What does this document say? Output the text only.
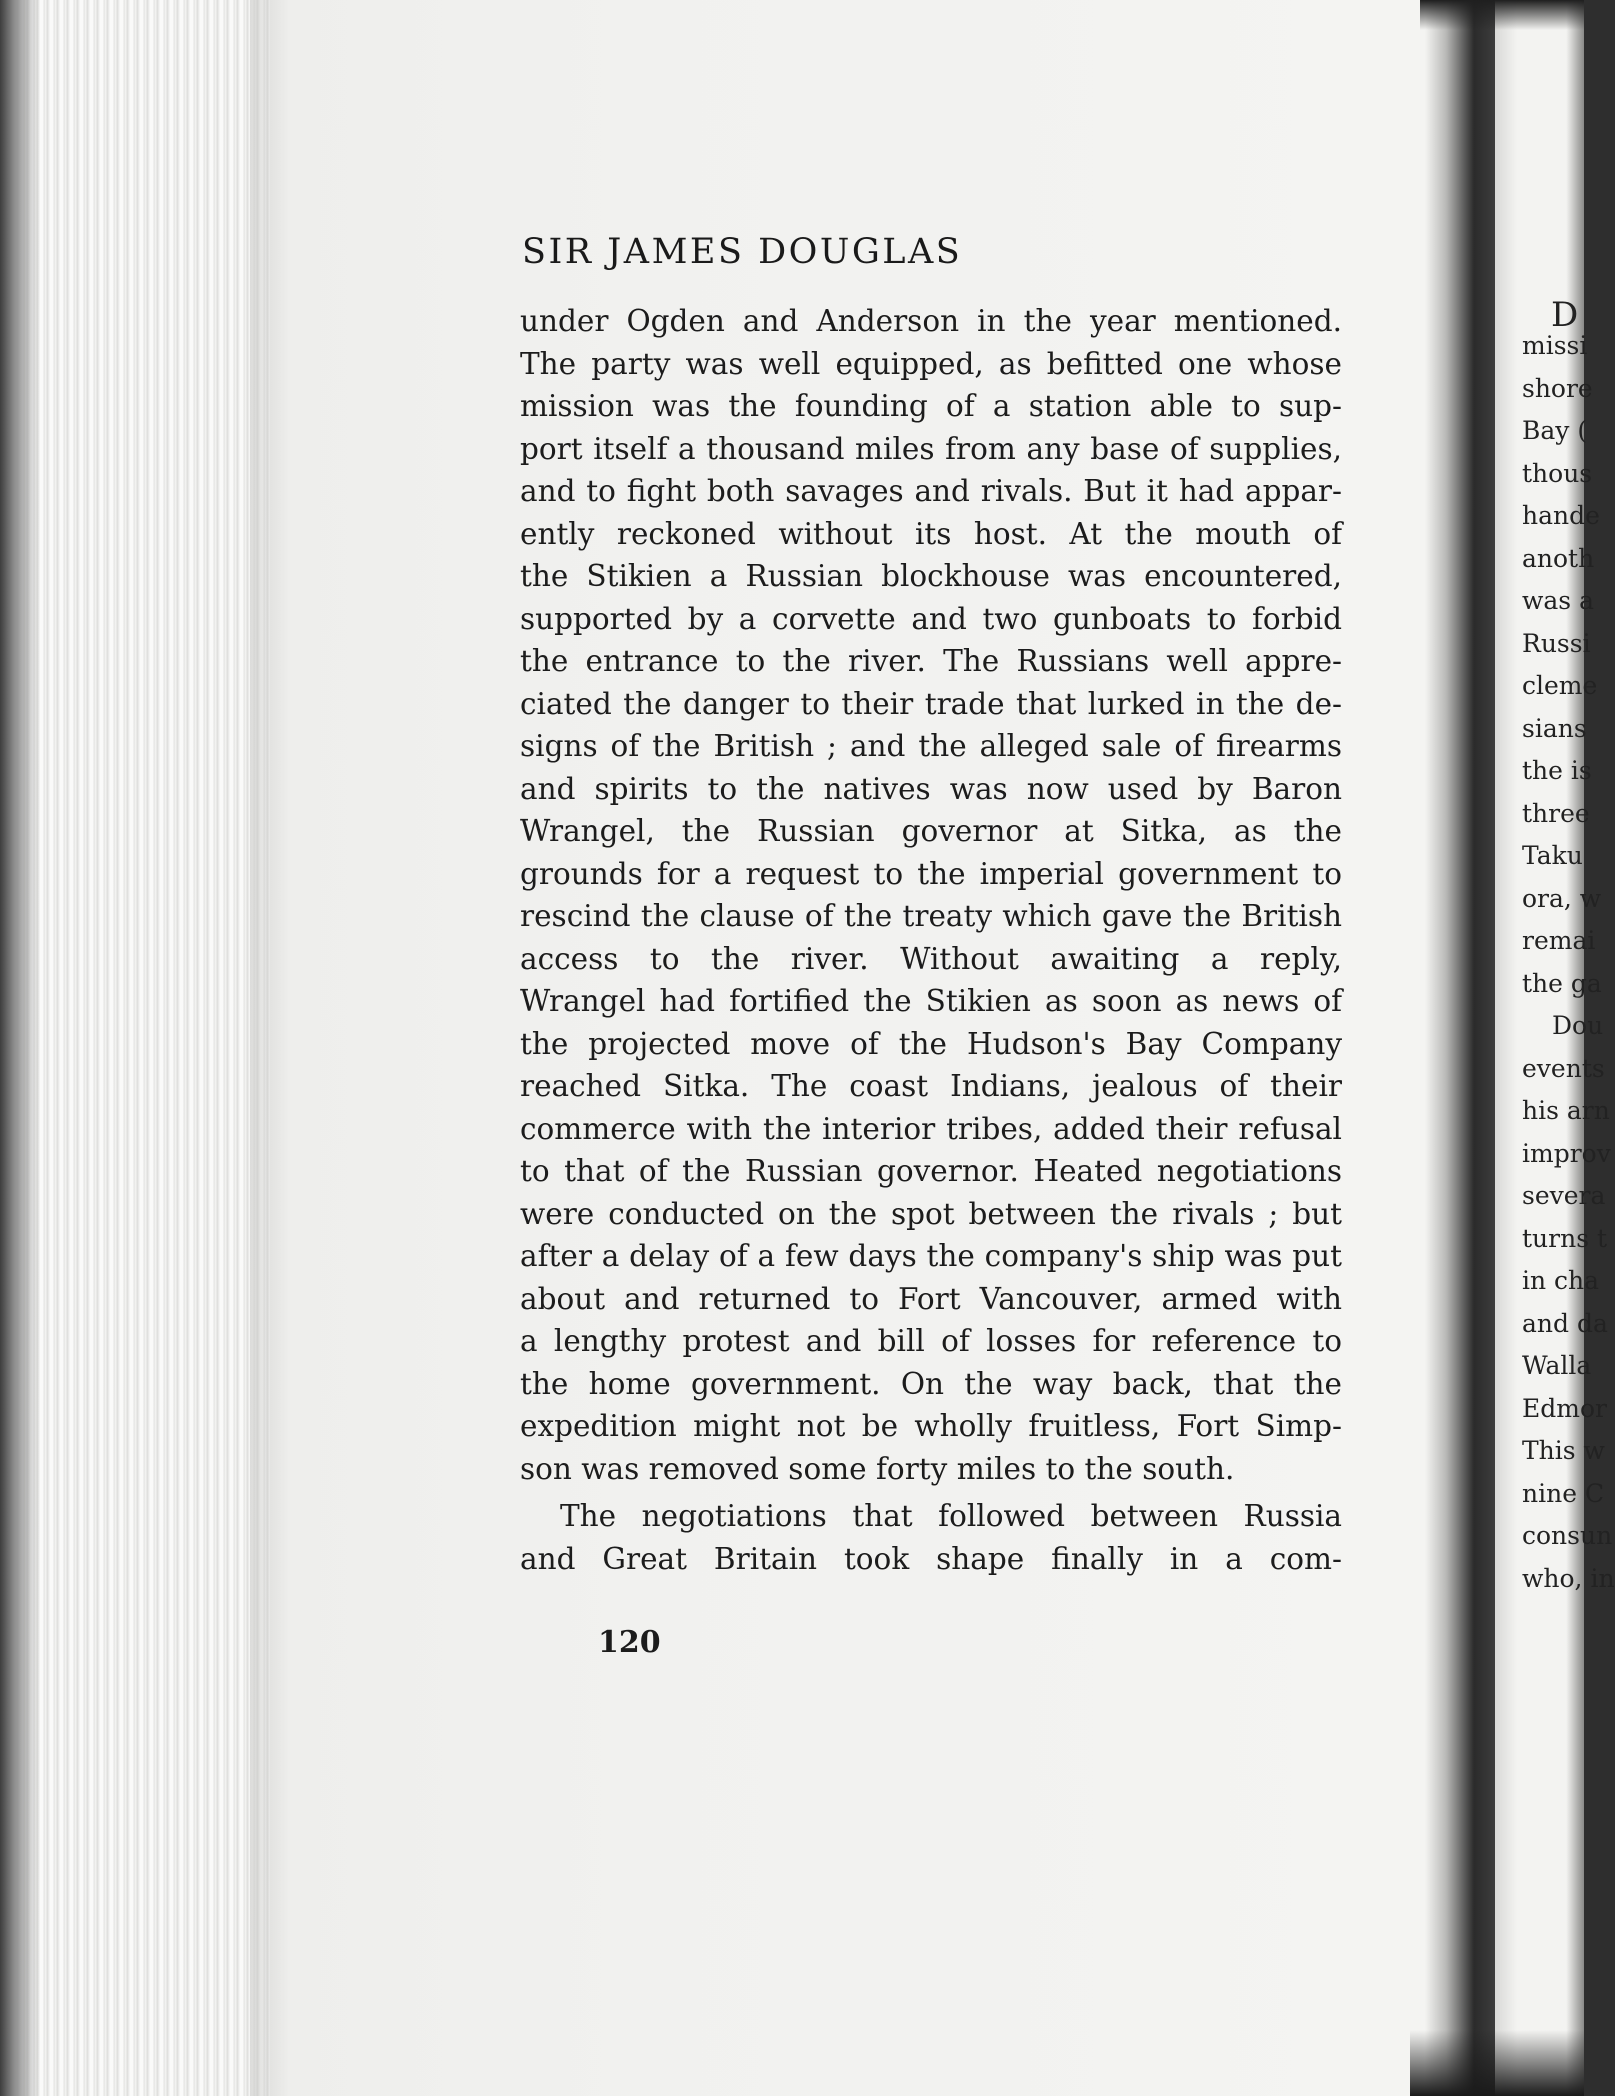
SIR JAMES DOUGLAS
under Ogden and Anderson in the year mentioned.
The party was well equipped, as befitted one whose
mission was the founding of a station able to sup-
port itself a thousand miles from any base of supplies,
and to fight both savages and rivals. But it had appar-
ently reckoned without its host. At the mouth of
the Stikien a Russian blockhouse was encountered,
supported by a corvette and two gunboats to forbid
the entrance to the river. The Russians well appre-
ciated the danger to their trade that lurked in the de-
signs of the British ; and the alleged sale of firearms
and spirits to the natives was now used by Baron
Wrangel, the Russian governor at Sitka, as the
grounds for a request to the imperial government to
rescind the clause of the treaty which gave the British
access to the river. Without awaiting a reply,
Wrangel had fortified the Stikien as soon as news of
the projected move of the Hudson's Bay Company
reached Sitka. The coast Indians, jealous of their
commerce with the interior tribes, added their refusal
to that of the Russian governor. Heated negotiations
were conducted on the spot between the rivals ; but
after a delay of a few days the company's ship was put
about and returned to Fort Vancouver, armed with
a lengthy protest and bill of losses for reference to
the home government. On the way back, that the
expedition might not be wholly fruitless, Fort Simp-
son was removed some forty miles to the south.
The negotiations that followed between Russia
and Great Britain took shape finally in a com-
120
D
missi
shore
Bay (
thous
hande
anoth
was a
Russi
cleme
sians
the is
three
Taku
ora, w
remai
the ga
Dou
events
his arn
improv
severa
turns t
in cha
and da
Walla
Edmor
This w
nine C
consun
who, in
